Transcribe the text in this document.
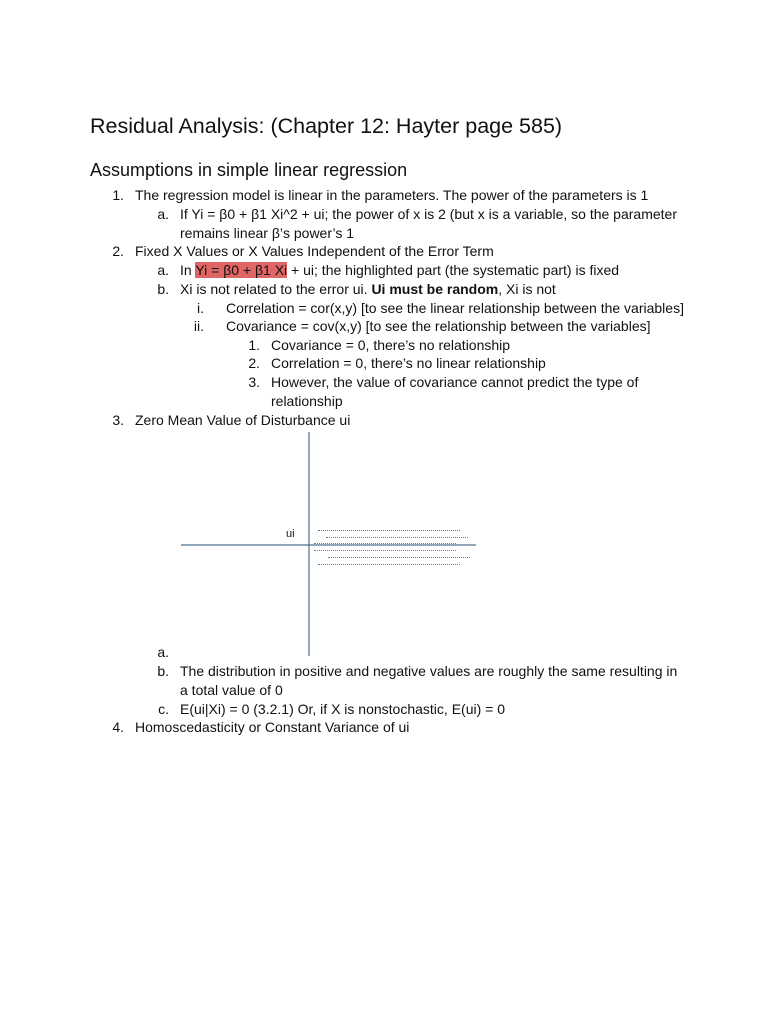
Residual Analysis: (Chapter 12: Hayter page 585)
Assumptions in simple linear regression
1. The regression model is linear in the parameters. The power of the parameters is 1
a. If Yi = β0 + β1 Xi^2 + ui; the power of x is 2 (but x is a variable, so the parameter
remains linear β’s power’s 1
2. Fixed X Values or X Values Independent of the Error Term
a. In Yi = β0 + β1 Xi + ui; the highlighted part (the systematic part) is fixed
b. Xi is not related to the error ui. Ui must be random, Xi is not
i. Correlation = cor(x,y) [to see the linear relationship between the variables]
ii. Covariance = cov(x,y) [to see the relationship between the variables]
1. Covariance = 0, there’s no relationship
2. Correlation = 0, there’s no linear relationship
3. However, the value of covariance cannot predict the type of
relationship
3. Zero Mean Value of Disturbance ui
ui
a.
b. The distribution in positive and negative values are roughly the same resulting in
a total value of 0
c. E(ui|Xi) = 0 (3.2.1) Or, if X is nonstochastic, E(ui) = 0
4. Homoscedasticity or Constant Variance of ui
